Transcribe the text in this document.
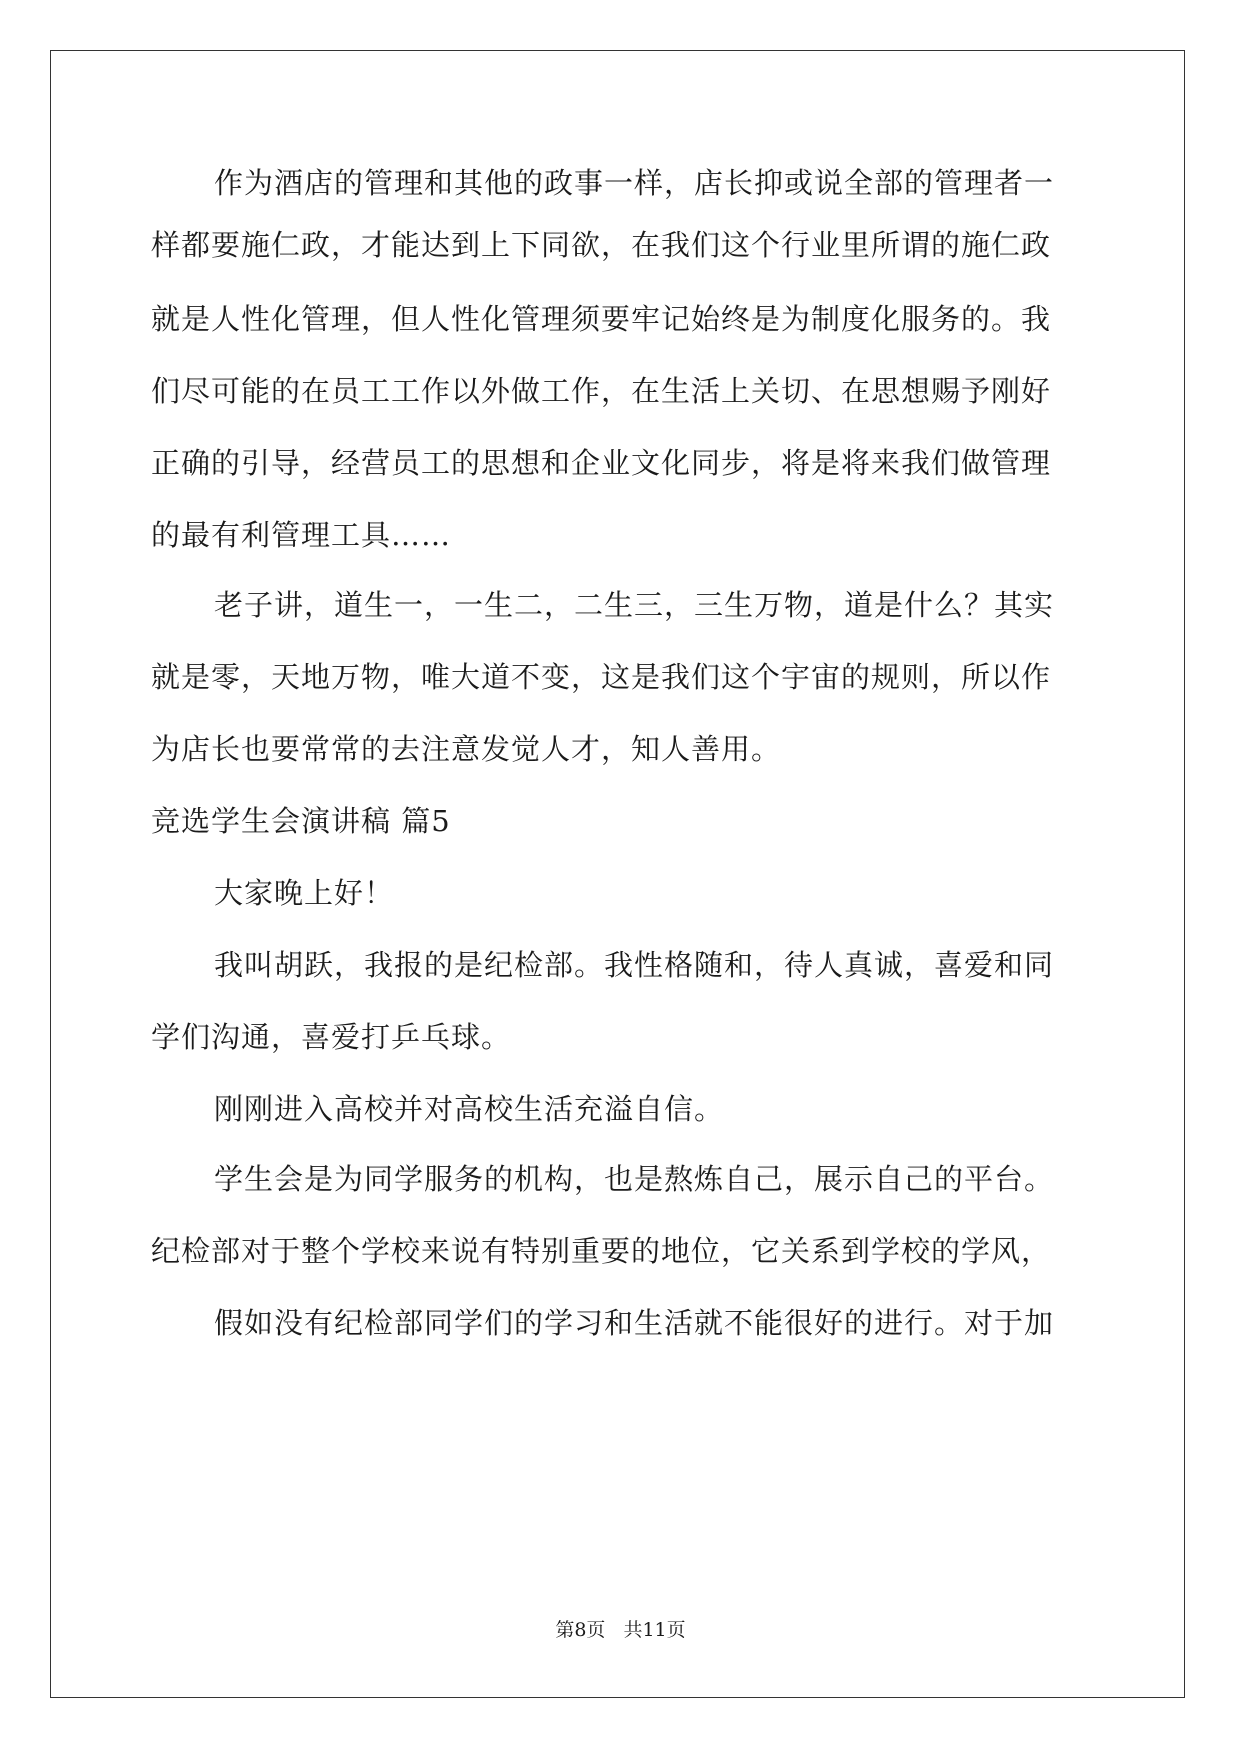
作为酒店的管理和其他的政事一样，店长抑或说全部的管理者一
样都要施仁政，才能达到上下同欲，在我们这个行业里所谓的施仁政
就是人性化管理，但人性化管理须要牢记始终是为制度化服务的。我
们尽可能的在员工工作以外做工作，在生活上关切、在思想赐予刚好
正确的引导，经营员工的思想和企业文化同步，将是将来我们做管理
的最有利管理工具……
老子讲，道生一，一生二，二生三，三生万物，道是什么？其实
就是零，天地万物，唯大道不变，这是我们这个宇宙的规则，所以作
为店长也要常常的去注意发觉人才，知人善用。
竞选学生会演讲稿 篇5
大家晚上好！
我叫胡跃，我报的是纪检部。我性格随和，待人真诚，喜爱和同
学们沟通，喜爱打乒乓球。
刚刚进入高校并对高校生活充溢自信。
学生会是为同学服务的机构，也是熬炼自己，展示自己的平台。
纪检部对于整个学校来说有特别重要的地位，它关系到学校的学风，
假如没有纪检部同学们的学习和生活就不能很好的进行。对于加
第8页 共11页
